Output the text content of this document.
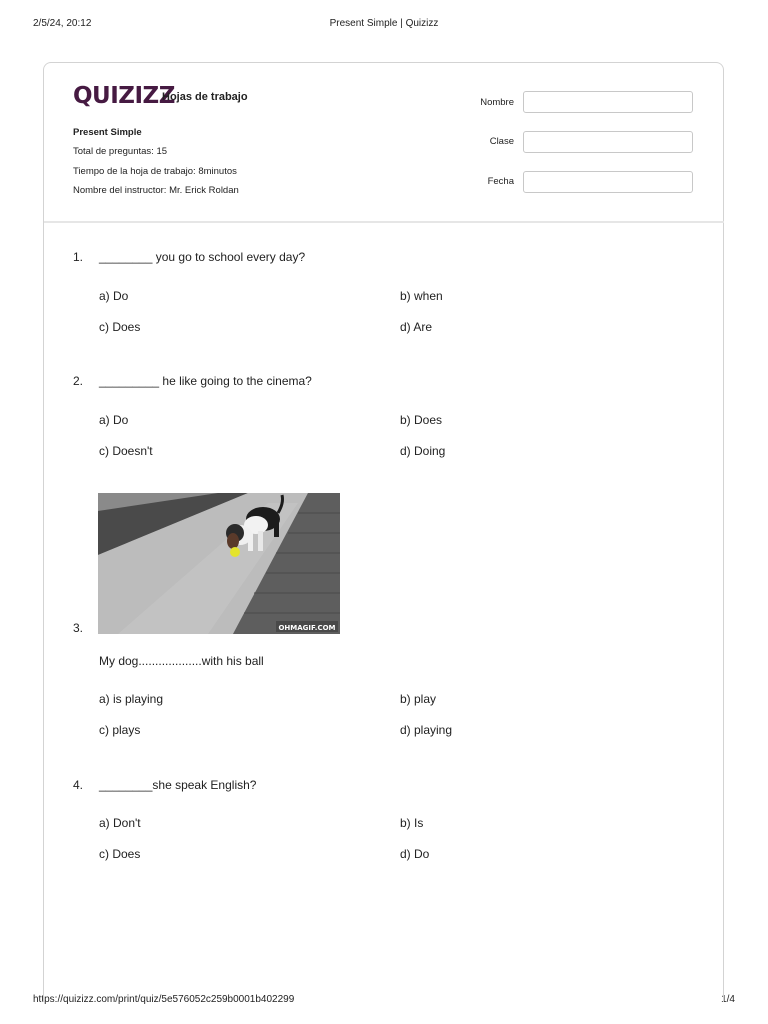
2/5/24, 20:12	Present Simple | Quizizz
https://quizizz.com/print/quiz/5e576052c259b0001b402299	1/4
QUIZIZZ
Hojas de trabajo
Present Simple
Total de preguntas: 15
Tiempo de la hoja de trabajo: 8minutos
Nombre del instructor: Mr. Erick Roldan
Nombre
Clase
Fecha
1. ________ you go to school every day?
a) Do	b) when
c) Does	d) Are
2. _________ he like going to the cinema?
a) Do	b) Does
c) Doesn't	d) Doing
OHMAGIF.COM
3.
My dog...................with his ball
a) is playing	b) play
c) plays	d) playing
4. ________she speak English?
a) Don't	b) Is
c) Does	d) Do
